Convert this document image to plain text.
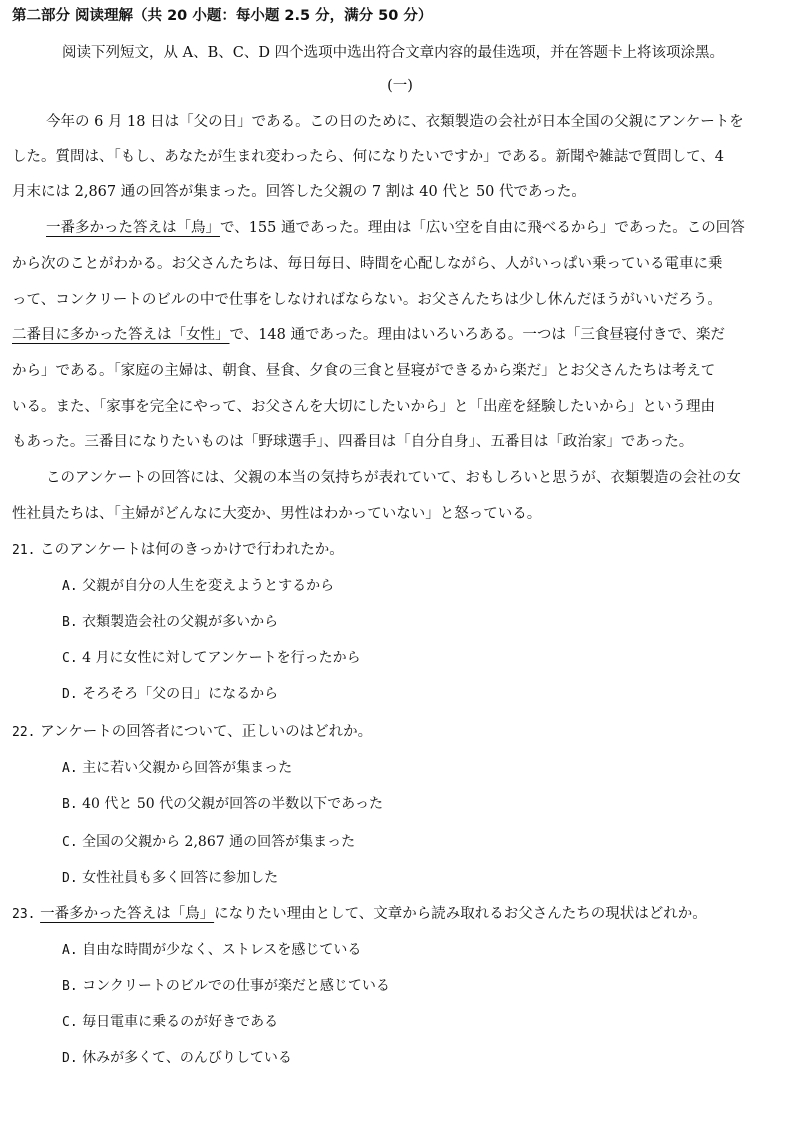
第二部分 阅读理解（共 20 小题：每小题 2.5 分，满分 50 分）
阅读下列短文，从 A、B、C、D 四个选项中选出符合文章内容的最佳选项，并在答题卡上将该项涂黑。
(一)
今年の 6 月 18 日は「父の日」である。この日のために、衣類製造の会社が日本全国の父親にアンケートを
した。質問は、「もし、あなたが生まれ変わったら、何になりたいですか」である。新聞や雑誌で質問して、4
月末には 2,867 通の回答が集まった。回答した父親の 7 割は 40 代と 50 代であった。
一番多かった答えは「鳥」で、155 通であった。理由は「広い空を自由に飛べるから」であった。この回答
から次のことがわかる。お父さんたちは、毎日毎日、時間を心配しながら、人がいっぱい乗っている電車に乗
って、コンクリートのビルの中で仕事をしなければならない。お父さんたちは少し休んだほうがいいだろう。
二番目に多かった答えは「女性」で、148 通であった。理由はいろいろある。一つは「三食昼寝付きで、楽だ
から」である。「家庭の主婦は、朝食、昼食、夕食の三食と昼寝ができるから楽だ」とお父さんたちは考えて
いる。また、「家事を完全にやって、お父さんを大切にしたいから」と「出産を経験したいから」という理由
もあった。三番目になりたいものは「野球選手」、四番目は「自分自身」、五番目は「政治家」であった。
このアンケートの回答には、父親の本当の気持ちが表れていて、おもしろいと思うが、衣類製造の会社の女
性社員たちは、「主婦がどんなに大変か、男性はわかっていない」と怒っている。
21. このアンケートは何のきっかけで行われたか。
A. 父親が自分の人生を変えようとするから
B. 衣類製造会社の父親が多いから
C. 4 月に女性に対してアンケートを行ったから
D. そろそろ「父の日」になるから
22. アンケートの回答者について、正しいのはどれか。
A. 主に若い父親から回答が集まった
B. 40 代と 50 代の父親が回答の半数以下であった
C. 全国の父親から 2,867 通の回答が集まった
D. 女性社員も多く回答に参加した
23. 一番多かった答えは「鳥」になりたい理由として、文章から読み取れるお父さんたちの現状はどれか。
A. 自由な時間が少なく、ストレスを感じている
B. コンクリートのビルでの仕事が楽だと感じている
C. 毎日電車に乗るのが好きである
D. 休みが多くて、のんびりしている
